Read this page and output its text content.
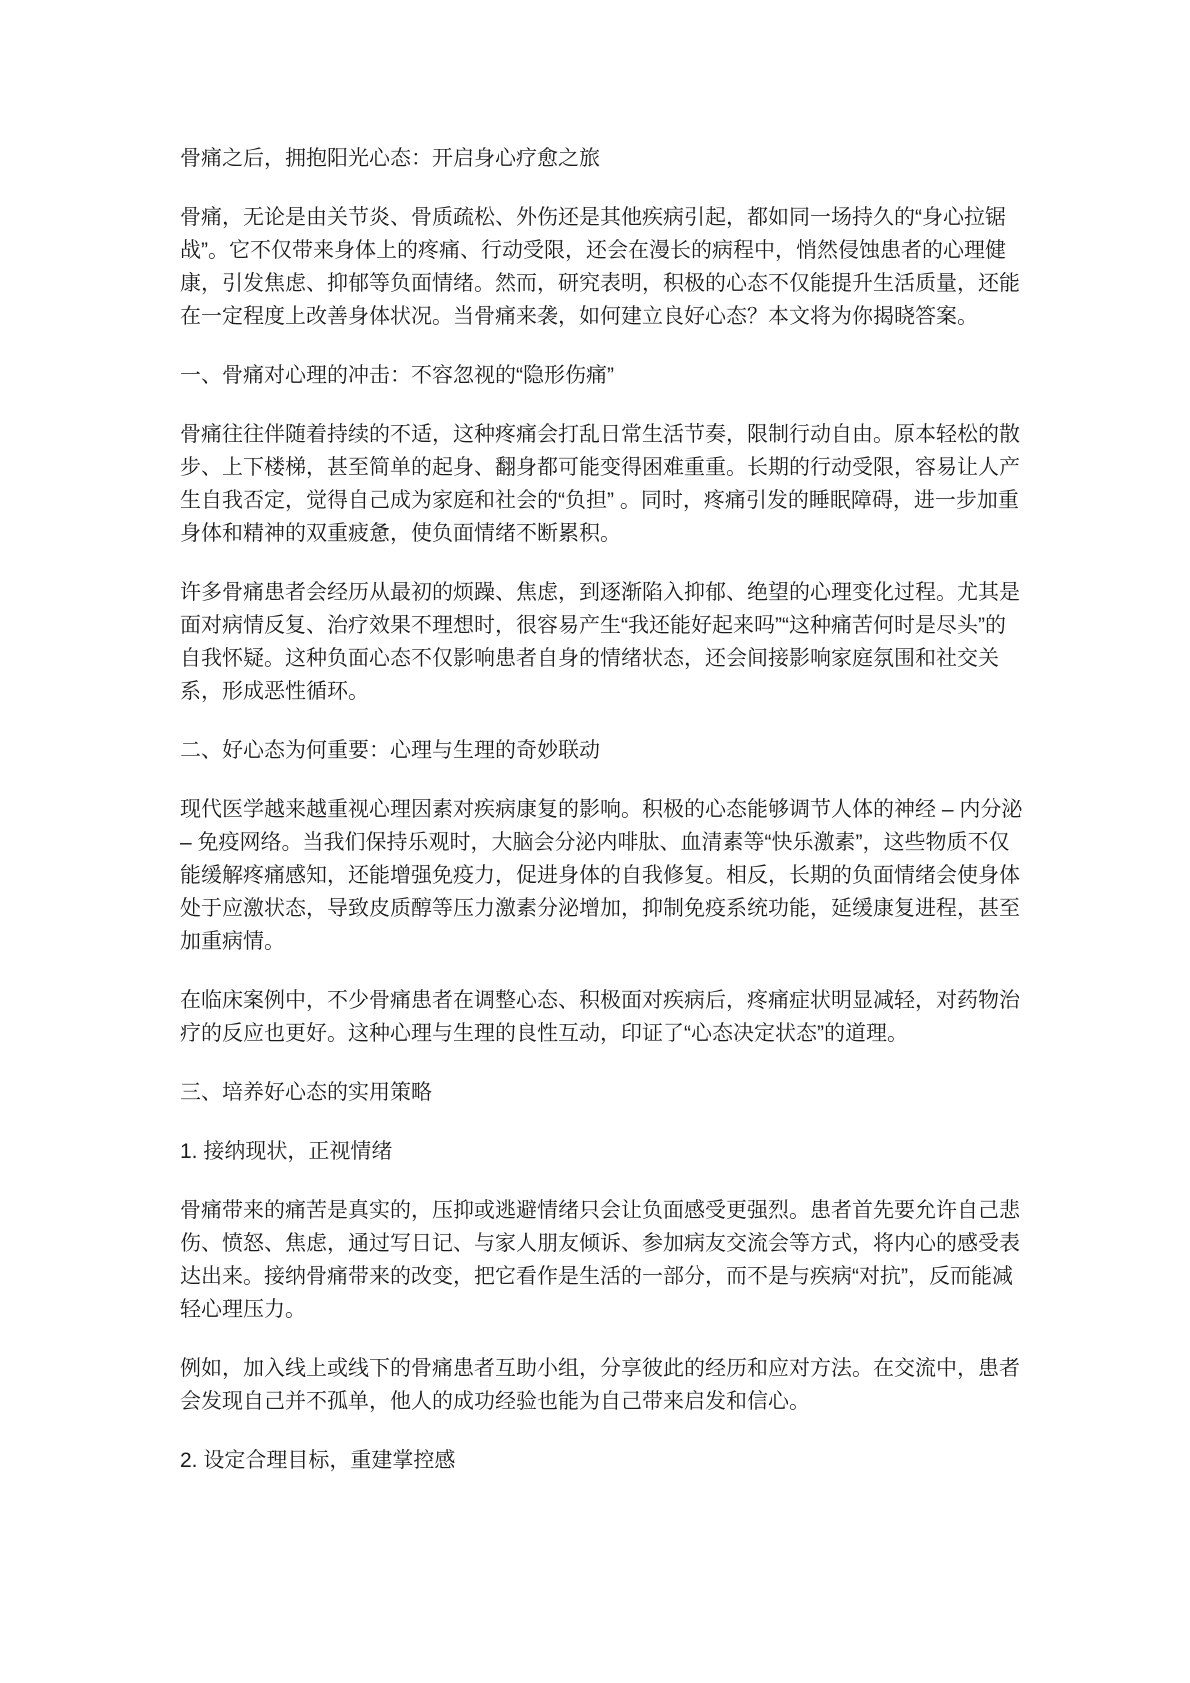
骨痛之后，拥抱阳光心态：开启身心疗愈之旅

骨痛，无论是由关节炎、骨质疏松、外伤还是其他疾病引起，都如同一场持久的“身心拉锯战”。它不仅带来身体上的疼痛、行动受限，还会在漫长的病程中，悄然侵蚀患者的心理健康，引发焦虑、抑郁等负面情绪。然而，研究表明，积极的心态不仅能提升生活质量，还能在一定程度上改善身体状况。当骨痛来袭，如何建立良好心态？本文将为你揭晓答案。

一、骨痛对心理的冲击：不容忽视的“隐形伤痛”

骨痛往往伴随着持续的不适，这种疼痛会打乱日常生活节奏，限制行动自由。原本轻松的散步、上下楼梯，甚至简单的起身、翻身都可能变得困难重重。长期的行动受限，容易让人产生自我否定，觉得自己成为家庭和社会的“负担” 。同时，疼痛引发的睡眠障碍，进一步加重身体和精神的双重疲惫，使负面情绪不断累积。

许多骨痛患者会经历从最初的烦躁、焦虑，到逐渐陷入抑郁、绝望的心理变化过程。尤其是面对病情反复、治疗效果不理想时，很容易产生“我还能好起来吗”“这种痛苦何时是尽头”的自我怀疑。这种负面心态不仅影响患者自身的情绪状态，还会间接影响家庭氛围和社交关系，形成恶性循环。

二、好心态为何重要：心理与生理的奇妙联动

现代医学越来越重视心理因素对疾病康复的影响。积极的心态能够调节人体的神经 – 内分泌 – 免疫网络。当我们保持乐观时，大脑会分泌内啡肽、血清素等“快乐激素”，这些物质不仅能缓解疼痛感知，还能增强免疫力，促进身体的自我修复。相反，长期的负面情绪会使身体处于应激状态，导致皮质醇等压力激素分泌增加，抑制免疫系统功能，延缓康复进程，甚至加重病情。

在临床案例中，不少骨痛患者在调整心态、积极面对疾病后，疼痛症状明显减轻，对药物治疗的反应也更好。这种心理与生理的良性互动，印证了“心态决定状态”的道理。

三、培养好心态的实用策略

1. 接纳现状，正视情绪

骨痛带来的痛苦是真实的，压抑或逃避情绪只会让负面感受更强烈。患者首先要允许自己悲伤、愤怒、焦虑，通过写日记、与家人朋友倾诉、参加病友交流会等方式，将内心的感受表达出来。接纳骨痛带来的改变，把它看作是生活的一部分，而不是与疾病“对抗”，反而能减轻心理压力。

例如，加入线上或线下的骨痛患者互助小组，分享彼此的经历和应对方法。在交流中，患者会发现自己并不孤单，他人的成功经验也能为自己带来启发和信心。

2. 设定合理目标，重建掌控感
